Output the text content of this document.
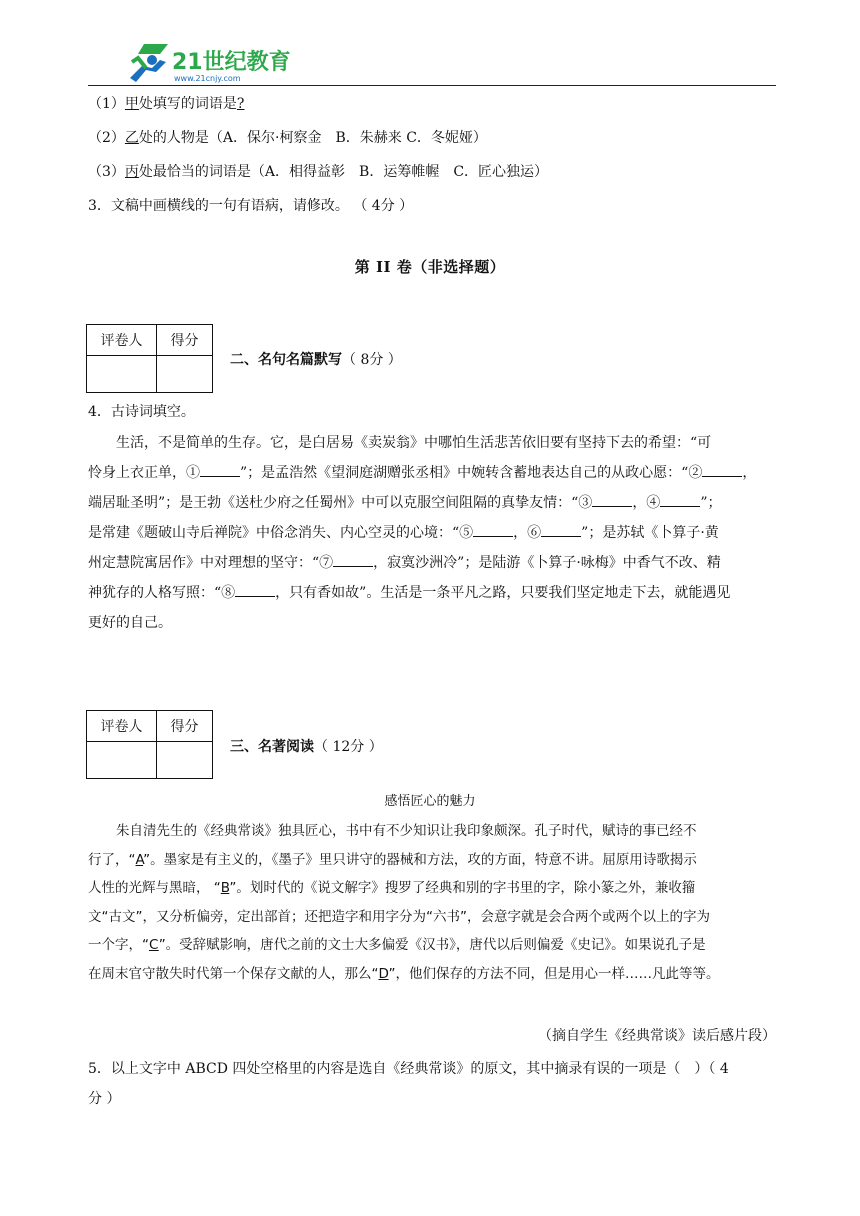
21世纪教育
www.21cnjy.com
（1）甲处填写的词语是?
（2）乙处的人物是（A．保尔·柯察金　B．朱赫来 C．冬妮娅）
（3）丙处最恰当的词语是（A．相得益彰　B．运筹帷幄　C．匠心独运）
3．文稿中画横线的一句有语病，请修改。 （ 4分 ）
第 II 卷（非选择题）
评卷人	得分

二、名句名篇默写（ 8分 ）
4．古诗词填空。
生活，不是简单的生存。它，是白居易《卖炭翁》中哪怕生活悲苦依旧要有坚持下去的希望：“可
怜身上衣正单，①	”；是孟浩然《望洞庭湖赠张丞相》中婉转含蓄地表达自己的从政心愿：“②	，
端居耻圣明”；是王勃《送杜少府之任蜀州》中可以克服空间阻隔的真挚友情：“③	，④	”；
是常建《题破山寺后禅院》中俗念消失、内心空灵的心境：“⑤	，⑥	”；是苏轼《卜算子·黄
州定慧院寓居作》中对理想的坚守：“⑦	，寂寞沙洲冷”；是陆游《卜算子·咏梅》中香气不改、精
神犹存的人格写照：“⑧	，只有香如故”。生活是一条平凡之路，只要我们坚定地走下去，就能遇见
更好的自己。
评卷人	得分

三、名著阅读（ 12分 ）
感悟匠心的魅力
朱自清先生的《经典常谈》独具匠心，书中有不少知识让我印象颇深。孔子时代，赋诗的事已经不
行了，“A”。墨家是有主义的，《墨子》里只讲守的器械和方法，攻的方面，特意不讲。屈原用诗歌揭示
人性的光辉与黑暗， “B”。划时代的《说文解字》搜罗了经典和别的字书里的字，除小篆之外，兼收籀
文“古文”，又分析偏旁，定出部首；还把造字和用字分为“六书”，会意字就是会合两个或两个以上的字为
一个字，“C”。受辞赋影响，唐代之前的文士大多偏爱《汉书》，唐代以后则偏爱《史记》。如果说孔子是
在周末官守散失时代第一个保存文献的人，那么“D”，他们保存的方法不同，但是用心一样……凡此等等。
（摘自学生《经典常谈》读后感片段）
5．以上文字中 ABCD 四处空格里的内容是选自《经典常谈》的原文，其中摘录有误的一项是（　）（ 4
分 ）
